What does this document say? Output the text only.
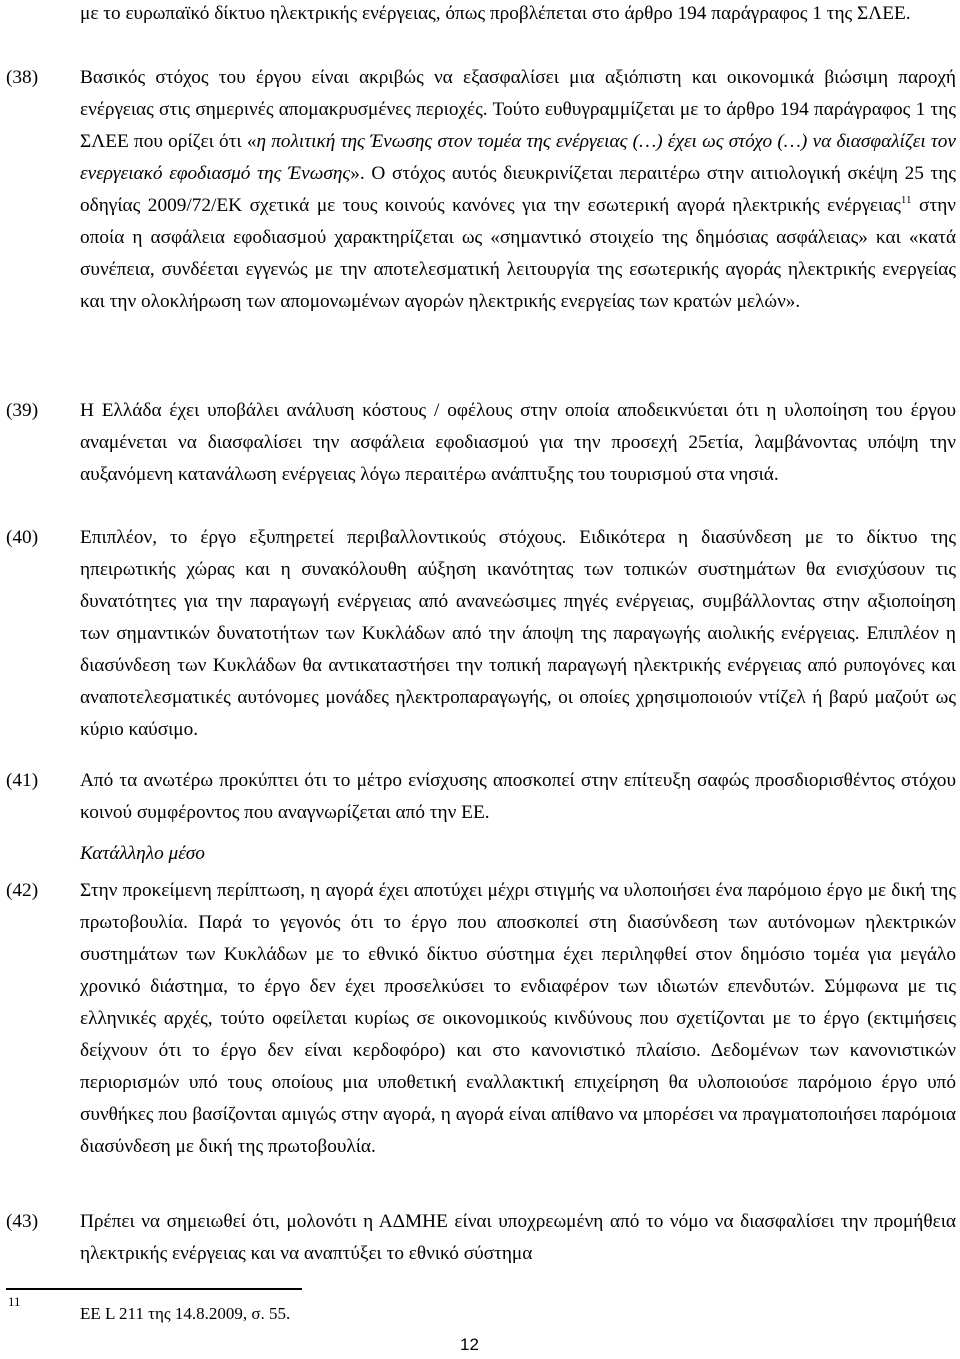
με το ευρωπαϊκό δίκτυο ηλεκτρικής ενέργειας, όπως προβλέπεται στο άρθρο 194 παράγραφος 1 της ΣΛΕΕ.
(38) Βασικός στόχος του έργου είναι ακριβώς να εξασφαλίσει μια αξιόπιστη και οικονομικά βιώσιμη παροχή ενέργειας στις σημερινές απομακρυσμένες περιοχές. Τούτο ευθυγραμμίζεται με το άρθρο 194 παράγραφος 1 της ΣΛΕΕ που ορίζει ότι «η πολιτική της Ένωσης στον τομέα της ενέργειας (…) έχει ως στόχο (…) να διασφαλίζει τον ενεργειακό εφοδιασμό της Ένωσης». Ο στόχος αυτός διευκρινίζεται περαιτέρω στην αιτιολογική σκέψη 25 της οδηγίας 2009/72/ΕΚ σχετικά με τους κοινούς κανόνες για την εσωτερική αγορά ηλεκτρικής ενέργειας$^{11}$ στην οποία η ασφάλεια εφοδιασμού χαρακτηρίζεται ως «σημαντικό στοιχείο της δημόσιας ασφάλειας» και «κατά συνέπεια, συνδέεται εγγενώς με την αποτελεσματική λειτουργία της εσωτερικής αγοράς ηλεκτρικής ενεργείας και την ολοκλήρωση των απομονωμένων αγορών ηλεκτρικής ενεργείας των κρατών μελών».
(39) Η Ελλάδα έχει υποβάλει ανάλυση κόστους / οφέλους στην οποία αποδεικνύεται ότι η υλοποίηση του έργου αναμένεται να διασφαλίσει την ασφάλεια εφοδιασμού για την προσεχή 25ετία, λαμβάνοντας υπόψη την αυξανόμενη κατανάλωση ενέργειας λόγω περαιτέρω ανάπτυξης του τουρισμού στα νησιά.
(40) Επιπλέον, το έργο εξυπηρετεί περιβαλλοντικούς στόχους. Ειδικότερα η διασύνδεση με το δίκτυο της ηπειρωτικής χώρας και η συνακόλουθη αύξηση ικανότητας των τοπικών συστημάτων θα ενισχύσουν τις δυνατότητες για την παραγωγή ενέργειας από ανανεώσιμες πηγές ενέργειας, συμβάλλοντας στην αξιοποίηση των σημαντικών δυνατοτήτων των Κυκλάδων από την άποψη της παραγωγής αιολικής ενέργειας. Επιπλέον η διασύνδεση των Κυκλάδων θα αντικαταστήσει την τοπική παραγωγή ηλεκτρικής ενέργειας από ρυπογόνες και αναποτελεσματικές αυτόνομες μονάδες ηλεκτροπαραγωγής, οι οποίες χρησιμοποιούν ντίζελ ή βαρύ μαζούτ ως κύριο καύσιμο.
(41) Από τα ανωτέρω προκύπτει ότι το μέτρο ενίσχυσης αποσκοπεί στην επίτευξη σαφώς προσδιορισθέντος στόχου κοινού συμφέροντος που αναγνωρίζεται από την ΕΕ.
Κατάλληλο μέσο
(42) Στην προκείμενη περίπτωση, η αγορά έχει αποτύχει μέχρι στιγμής να υλοποιήσει ένα παρόμοιο έργο με δική της πρωτοβουλία. Παρά το γεγονός ότι το έργο που αποσκοπεί στη διασύνδεση των αυτόνομων ηλεκτρικών συστημάτων των Κυκλάδων με το εθνικό δίκτυο σύστημα έχει περιληφθεί στον δημόσιο τομέα για μεγάλο χρονικό διάστημα, το έργο δεν έχει προσελκύσει το ενδιαφέρον των ιδιωτών επενδυτών. Σύμφωνα με τις ελληνικές αρχές, τούτο οφείλεται κυρίως σε οικονομικούς κινδύνους που σχετίζονται με το έργο (εκτιμήσεις δείχνουν ότι το έργο δεν είναι κερδοφόρο) και στο κανονιστικό πλαίσιο. Δεδομένων των κανονιστικών περιορισμών υπό τους οποίους μια υποθετική εναλλακτική επιχείρηση θα υλοποιούσε παρόμοιο έργο υπό συνθήκες που βασίζονται αμιγώς στην αγορά, η αγορά είναι απίθανο να μπορέσει να πραγματοποιήσει παρόμοια διασύνδεση με δική της πρωτοβουλία.
(43) Πρέπει να σημειωθεί ότι, μολονότι η ΑΔΜΗΕ είναι υποχρεωμένη από το νόμο να διασφαλίσει την προμήθεια ηλεκτρικής ενέργειας και να αναπτύξει το εθνικό σύστημα
11
ΕΕ L 211 της 14.8.2009, σ. 55.
12
